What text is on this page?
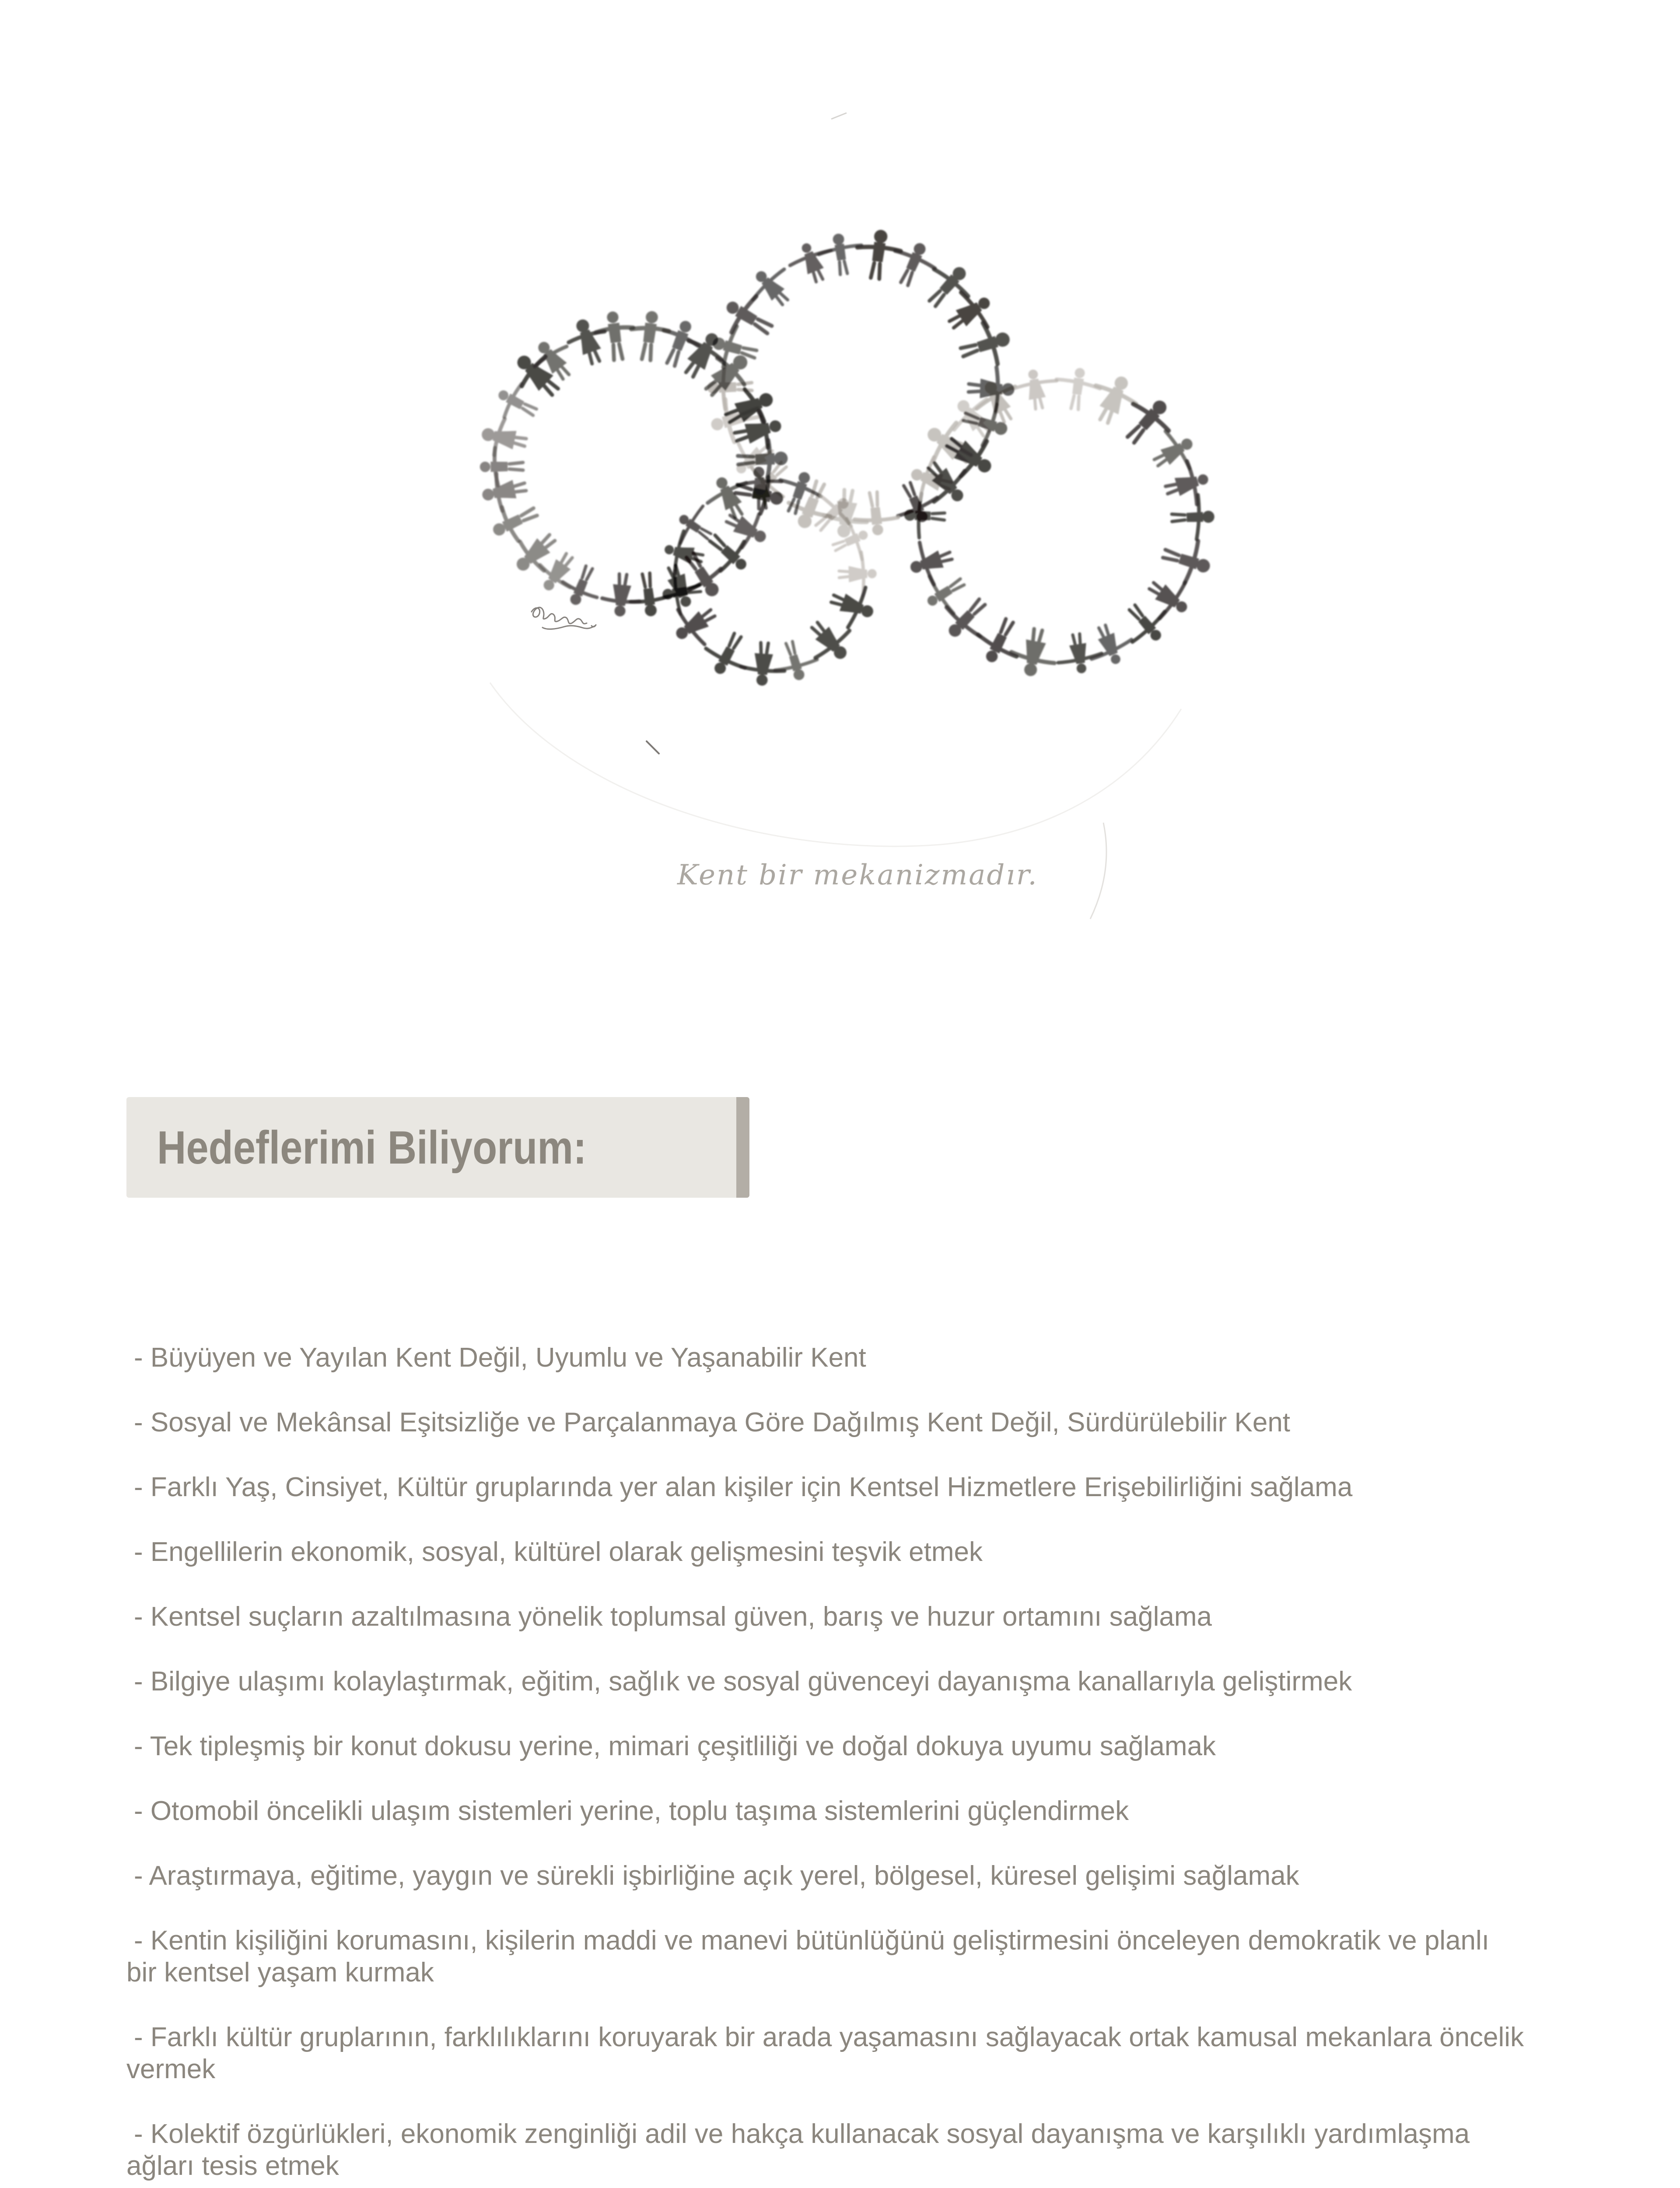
Kent bir mekanizmadır.
Hedeflerimi Biliyorum:
- Büyüyen ve Yayılan Kent Değil, Uyumlu ve Yaşanabilir Kent
- Sosyal ve Mekânsal Eşitsizliğe ve Parçalanmaya Göre Dağılmış Kent Değil, Sürdürülebilir Kent
- Farklı Yaş, Cinsiyet, Kültür gruplarında yer alan kişiler için Kentsel Hizmetlere Erişebilirliğini sağlama
- Engellilerin ekonomik, sosyal, kültürel olarak gelişmesini teşvik etmek
- Kentsel suçların azaltılmasına yönelik toplumsal güven, barış ve huzur ortamını sağlama
- Bilgiye ulaşımı kolaylaştırmak, eğitim, sağlık ve sosyal güvenceyi dayanışma kanallarıyla geliştirmek
- Tek tipleşmiş bir konut dokusu yerine, mimari çeşitliliği ve doğal dokuya uyumu sağlamak
- Otomobil öncelikli ulaşım sistemleri yerine, toplu taşıma sistemlerini güçlendirmek
- Araştırmaya, eğitime, yaygın ve sürekli işbirliğine açık yerel, bölgesel, küresel gelişimi sağlamak
- Kentin kişiliğini korumasını, kişilerin maddi ve manevi bütünlüğünü geliştirmesini önceleyen demokratik ve planlı
bir kentsel yaşam kurmak
- Farklı kültür gruplarının, farklılıklarını koruyarak bir arada yaşamasını sağlayacak ortak kamusal mekanlara öncelik
vermek
- Kolektif özgürlükleri, ekonomik zenginliği adil ve hakça kullanacak sosyal dayanışma ve karşılıklı yardımlaşma
ağları tesis etmek
